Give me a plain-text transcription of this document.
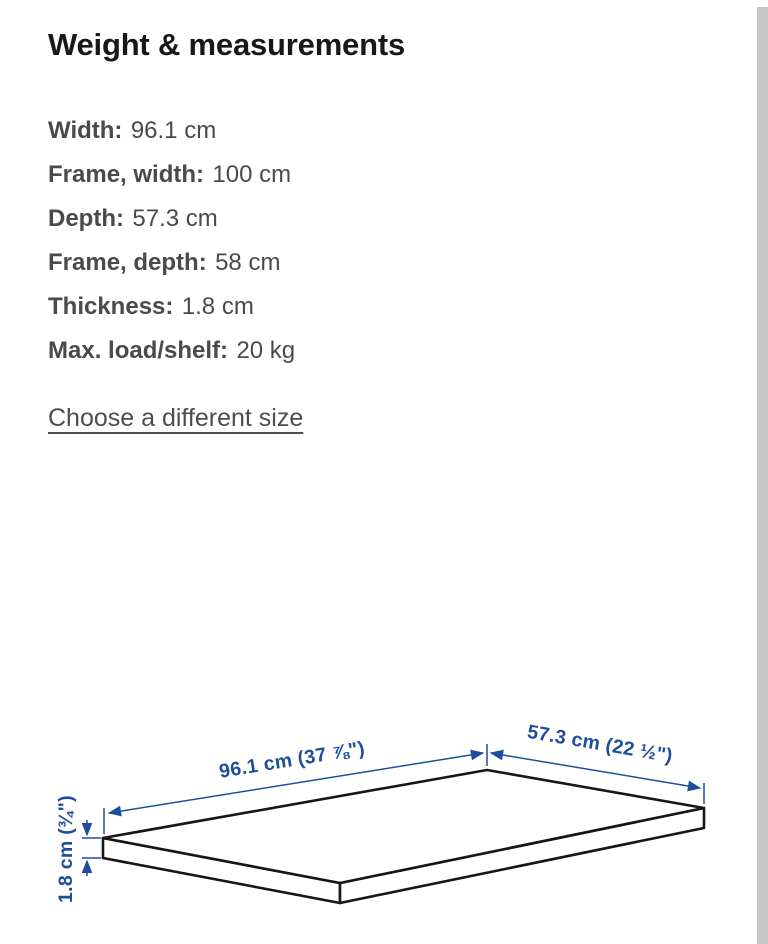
Weight & measurements
Width: 96.1 cm
Frame, width: 100 cm
Depth: 57.3 cm
Frame, depth: 58 cm
Thickness: 1.8 cm
Max. load/shelf: 20 kg
Choose a different size
96.1 cm (37 ⅞")	57.3 cm (22 ½")
1.8 cm (¾")
